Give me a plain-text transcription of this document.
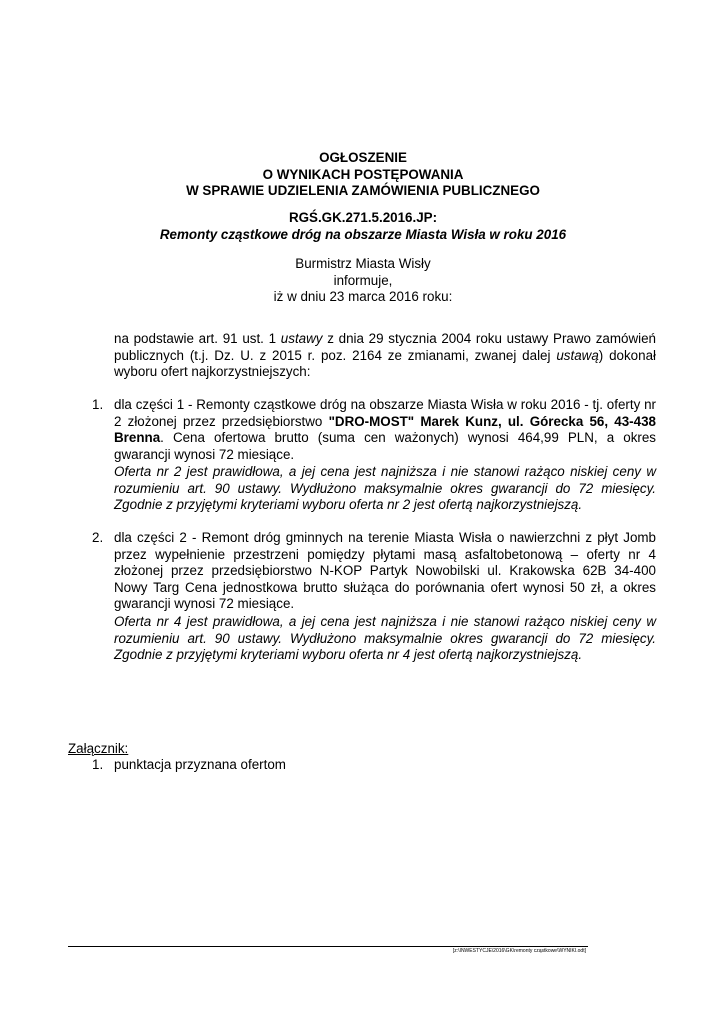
OGŁOSZENIE

O WYNIKACH POSTĘPOWANIA

W SPRAWIE UDZIELENIA ZAMÓWIENIA PUBLICZNEGO

RGŚ.GK.271.5.2016.JP:
Remonty cząstkowe dróg na obszarze Miasta Wisła w roku 2016

Burmistrz Miasta Wisły

informuje,

iż w dniu 23 marca 2016 roku:

na podstawie art. 91 ust. 1 ustawy z dnia 29 stycznia 2004 roku ustawy Prawo zamówień publicznych (t.j. Dz. U. z 2015 r. poz. 2164 ze zmianami, zwanej dalej ustawą) dokonał wyboru ofert najkorzystniejszych:
1. dla części 1 - Remonty cząstkowe dróg na obszarze Miasta Wisła w roku 2016 - tj. oferty nr 2 złożonej przez przedsiębiorstwo "DRO-MOST" Marek Kunz, ul. Górecka 56, 43-438 Brenna. Cena ofertowa brutto (suma cen ważonych) wynosi 464,99 PLN, a okres gwarancji wynosi 72 miesiące.
Oferta nr 2 jest prawidłowa, a jej cena jest najniższa i nie stanowi rażąco niskiej ceny w rozumieniu art. 90 ustawy. Wydłużono maksymalnie okres gwarancji do 72 miesięcy. Zgodnie z przyjętymi kryteriami wyboru oferta nr 2 jest ofertą najkorzystniejszą.
2. dla części 2 - Remont dróg gminnych na terenie Miasta Wisła o nawierzchni z płyt Jomb przez wypełnienie przestrzeni pomiędzy płytami masą asfaltobetonową – oferty nr 4 złożonej przez przedsiębiorstwo N-KOP Partyk Nowobilski ul. Krakowska 62B 34-400 Nowy Targ Cena jednostkowa brutto służąca do porównania ofert wynosi 50 zł, a okres gwarancji wynosi 72 miesiące.
Oferta nr 4 jest prawidłowa, a jej cena jest najniższa i nie stanowi rażąco niskiej ceny w rozumieniu art. 90 ustawy. Wydłużono maksymalnie okres gwarancji do 72 miesięcy. Zgodnie z przyjętymi kryteriami wyboru oferta nr 4 jest ofertą najkorzystniejszą.
Załącznik:
1. punktacja przyznana ofertom
[z:\INWESTYCJE\2016\GK\remonty cząstkowe\WYNIKI.odt]
